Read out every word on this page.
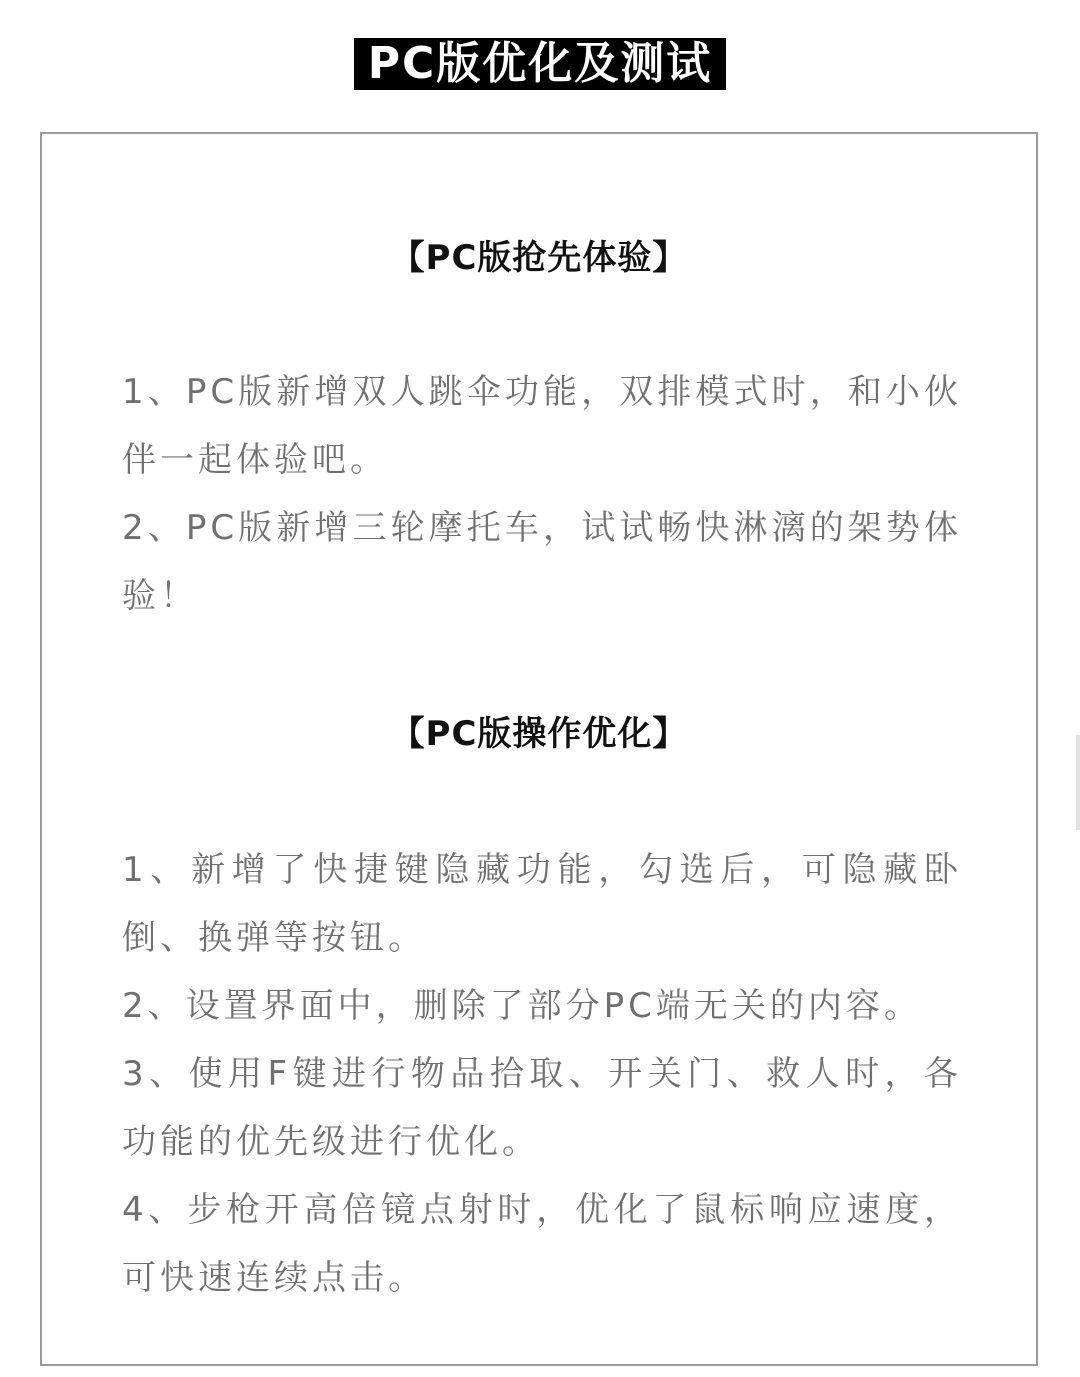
PC版优化及测试
【PC版抢先体验】

1、PC版新增双人跳伞功能，双排模式时，和小伙伴一起体验吧。

2、PC版新增三轮摩托车，试试畅快淋漓的架势体验！

【PC版操作优化】

1、新增了快捷键隐藏功能，勾选后，可隐藏卧倒、换弹等按钮。

2、设置界面中，删除了部分PC端无关的内容。

3、使用F键进行物品拾取、开关门、救人时，各功能的优先级进行优化。

4、步枪开高倍镜点射时，优化了鼠标响应速度，可快速连续点击。
